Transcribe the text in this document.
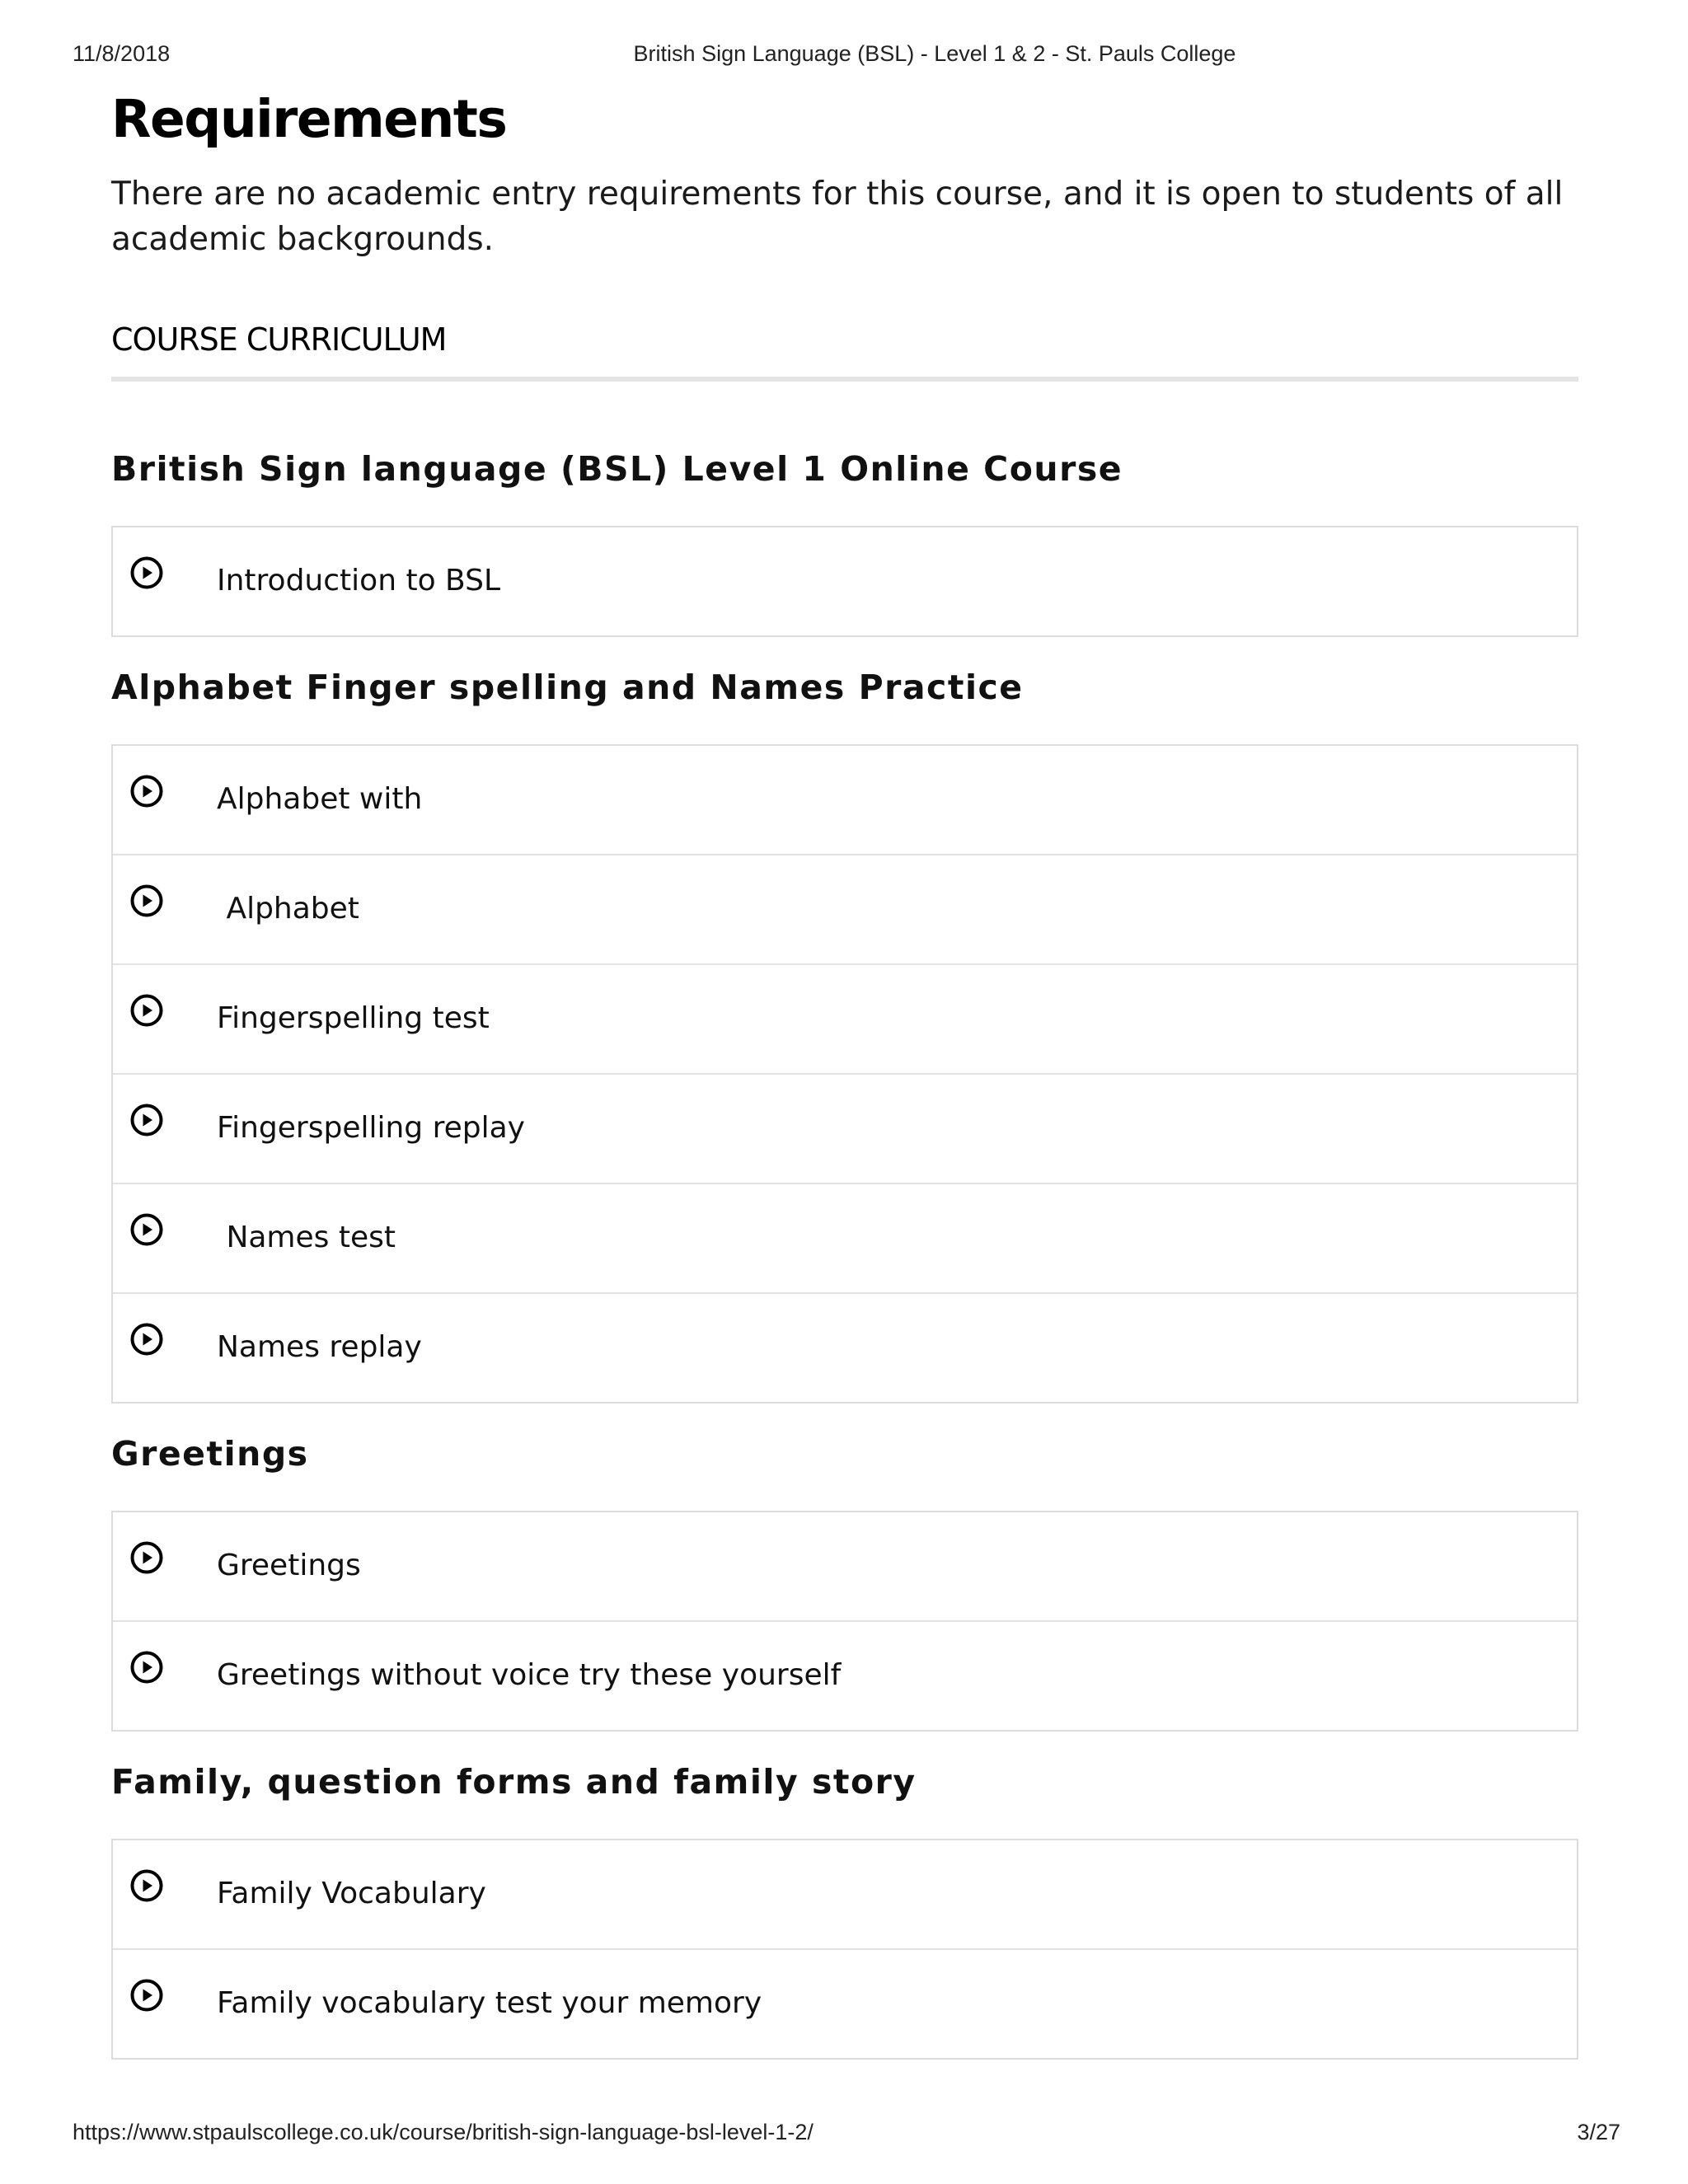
11/8/2018	British Sign Language (BSL) - Level 1 & 2 - St. Pauls College
Requirements

There are no academic entry requirements for this course, and it is open to students of all academic backgrounds.

COURSE CURRICULUM
British Sign language (BSL) Level 1 Online Course
Introduction to BSL
Alphabet Finger spelling and Names Practice
Alphabet with
Alphabet
Fingerspelling test
Fingerspelling replay
Names test
Names replay
Greetings
Greetings
Greetings without voice try these yourself
Family, question forms and family story
Family Vocabulary
Family vocabulary test your memory
https://www.stpaulscollege.co.uk/course/british-sign-language-bsl-level-1-2/	3/27
